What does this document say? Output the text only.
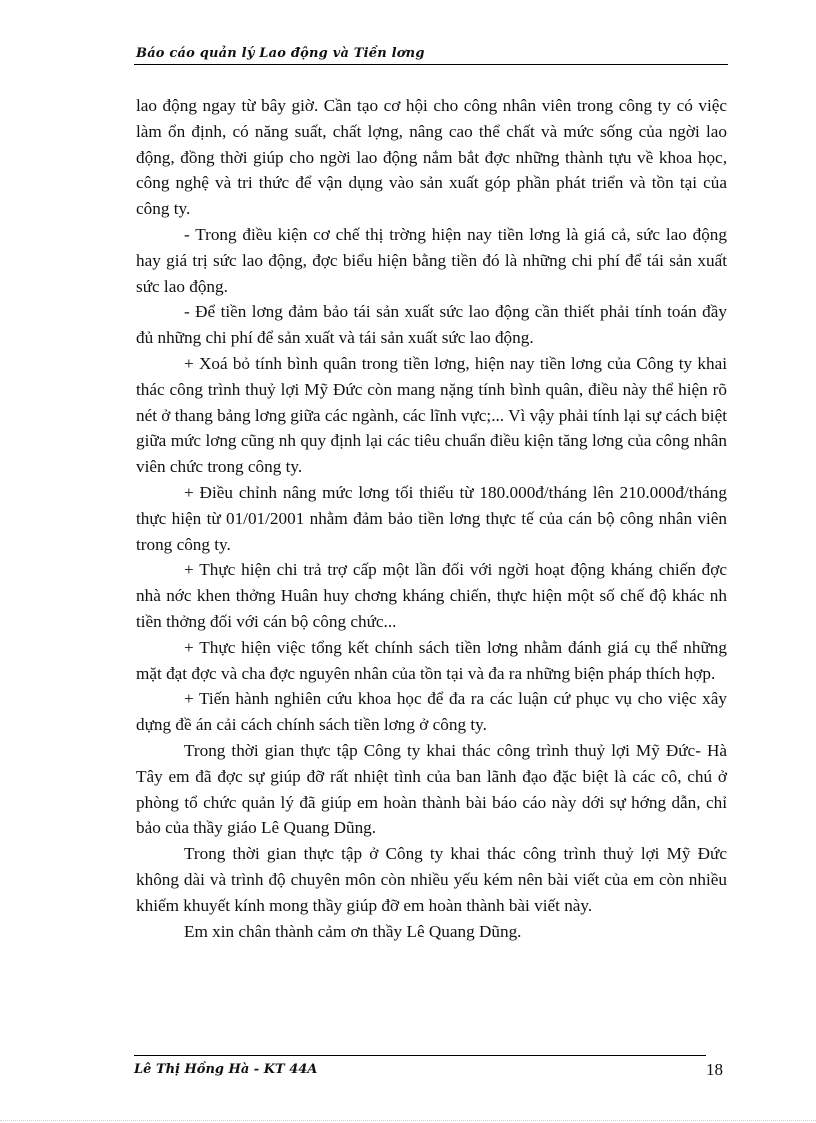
Báo cáo quản lý Lao động và Tiền lơng

lao động ngay từ bây giờ. Cần tạo cơ hội cho công nhân viên trong công ty có việc làm ổn định, có năng suất, chất lợng, nâng cao thể chất và mức sống của ngời lao động, đồng thời giúp cho ngời lao động nắm bắt đợc những thành tựu về khoa học, công nghệ và tri thức để vận dụng vào sản xuất góp phần phát triển và tồn tại của công ty.

- Trong điều kiện cơ chế thị trờng hiện nay tiền lơng là giá cả, sức lao động hay giá trị sức lao động, đợc biểu hiện bằng tiền đó là những chi phí để tái sản xuất sức lao động.

- Để tiền lơng đảm bảo tái sản xuất sức lao động cần thiết phải tính toán đầy đủ những chi phí để sản xuất và tái sản xuất sức lao động.

+ Xoá bỏ tính bình quân trong tiền lơng, hiện nay tiền lơng của Công ty khai thác công trình thuỷ lợi Mỹ Đức còn mang nặng tính bình quân, điều này thể hiện rõ nét ở thang bảng lơng giữa các ngành, các lĩnh vực;... Vì vậy phải tính lại sự cách biệt giữa mức lơng cũng nh quy định lại các tiêu chuẩn điều kiện tăng lơng của công nhân viên chức trong công ty.

+ Điều chỉnh nâng mức lơng tối thiểu từ 180.000đ/tháng lên 210.000đ/tháng thực hiện từ 01/01/2001 nhằm đảm bảo tiền lơng thực tế của cán bộ công nhân viên trong công ty.

+ Thực hiện chi trả trợ cấp một lần đối với ngời hoạt động kháng chiến đợc nhà nớc khen thởng Huân huy chơng kháng chiến, thực hiện một số chế độ khác nh tiền thởng đối với cán bộ công chức...

+ Thực hiện việc tổng kết chính sách tiền lơng nhằm đánh giá cụ thể những mặt đạt đợc và cha đợc nguyên nhân của tồn tại và đa ra những biện pháp thích hợp.

+ Tiến hành nghiên cứu khoa học để đa ra các luận cứ phục vụ cho việc xây dựng đề án cải cách chính sách tiền lơng ở công ty.

Trong thời gian thực tập Công ty khai thác công trình thuỷ lợi Mỹ Đức- Hà Tây em đã đợc sự giúp đỡ rất nhiệt tình của ban lãnh đạo đặc biệt là các cô, chú ở phòng tổ chức quản lý đã giúp em hoàn thành bài báo cáo này dới sự hớng dẫn, chỉ bảo của thầy giáo Lê Quang Dũng.

Trong thời gian thực tập ở Công ty khai thác công trình thuỷ lợi Mỹ Đức không dài và trình độ chuyên môn còn nhiều yếu kém nên bài viết của em còn nhiều khiếm khuyết kính mong thầy giúp đỡ em hoàn thành bài viết này.

Em xin chân thành cảm ơn thầy Lê Quang Dũng.

Lê Thị Hồng Hà - KT 44A	18
